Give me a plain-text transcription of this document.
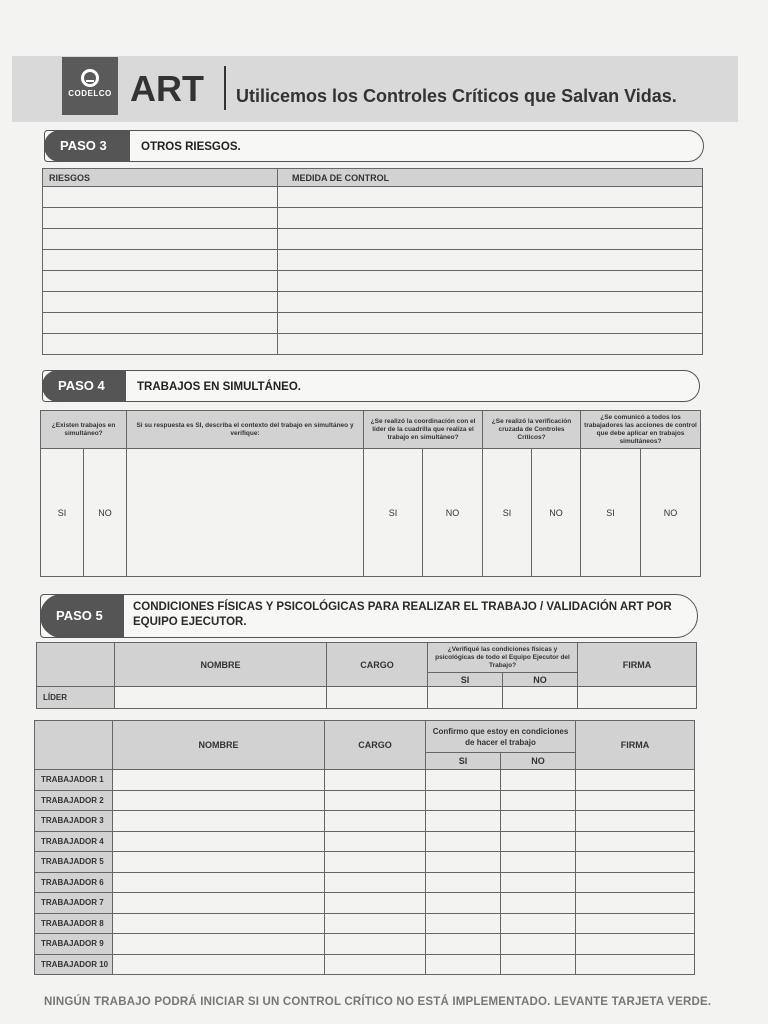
CODELCO ART Utilicemos los Controles Críticos que Salvan Vidas.
PASO 3	OTROS RIESGOS.
RIESGOS	MEDIDA DE CONTROL

PASO 4	TRABAJOS EN SIMULTÁNEO.
¿Existen trabajos en simultáneo?		Si su respuesta es SI, describa el contexto del trabajo en simultáneo y verifique:	¿Se realizó la coordinación con el líder de la cuadrilla que realiza el trabajo en simultáneo?		¿Se realizó la verificación cruzada de Controles Críticos?		¿Se comunicó a todos los trabajadores las acciones de control que debe aplicar en trabajos simultáneos?	
SI	NO		SI	NO	SI	NO	SI	NO
PASO 5
CONDICIONES FÍSICAS Y PSICOLÓGICAS PARA REALIZAR EL TRABAJO / VALIDACIÓN ART POR
EQUIPO EJECUTOR.
	NOMBRE	CARGO	¿Verifiqué las condiciones físicas y psicológicas de todo el Equipo Ejecutor del Trabajo?		FIRMA
			SI	NO	
LÍDER					
	NOMBRE	CARGO	Confirmo que estoy en condiciones de hacer el trabajo		FIRMA
			SI	NO	
TRABAJADOR 1					
TRABAJADOR 2					
TRABAJADOR 3					
TRABAJADOR 4					
TRABAJADOR 5					
TRABAJADOR 6					
TRABAJADOR 7					
TRABAJADOR 8					
TRABAJADOR 9					
TRABAJADOR 10					
NINGÚN TRABAJO PODRÁ INICIAR SI UN CONTROL CRÍTICO NO ESTÁ IMPLEMENTADO. LEVANTE TARJETA VERDE.
